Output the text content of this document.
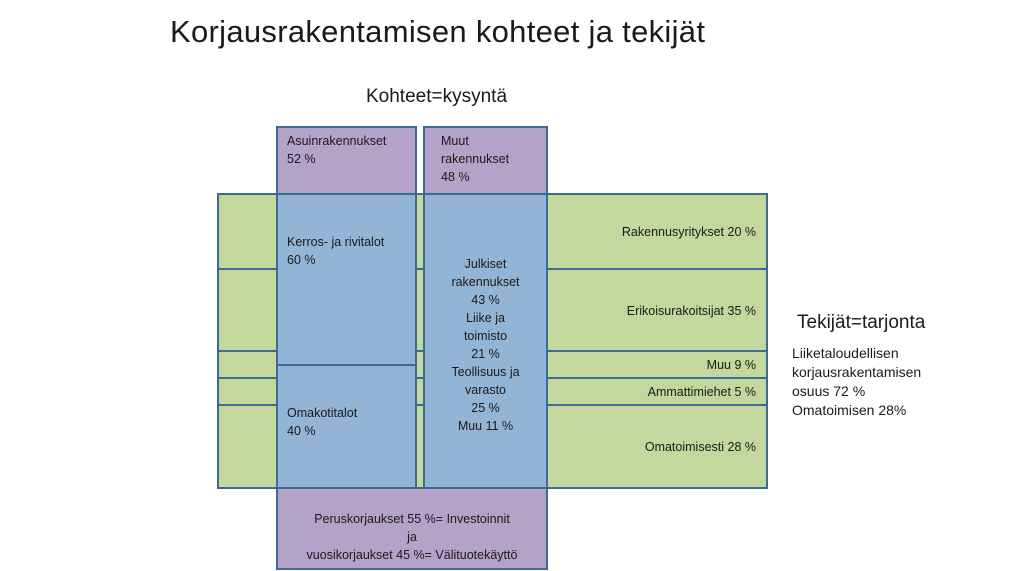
Korjausrakentamisen kohteet ja tekijät
Kohteet=kysyntä
Rakennusyritykset 20 %
Erikoisurakoitsijat 35 %
Muu 9 %
Ammattimiehet 5 %
Omatoimisesti 28 %
Asuinrakennukset
52 %
Muut
rakennukset
48 %
Kerros- ja rivitalot
60 %
Omakotitalot
40 %
Julkiset
rakennukset
43 %
Liike ja
toimisto
21 %
Teollisuus ja
varasto
25 %
Muu 11 %
Peruskorjaukset 55 %= Investoinnit
ja
vuosikorjaukset 45 %= Välituotekäyttö
Tekijät=tarjonta
Liiketaloudellisen
korjausrakentamisen
osuus 72 %
Omatoimisen 28%
